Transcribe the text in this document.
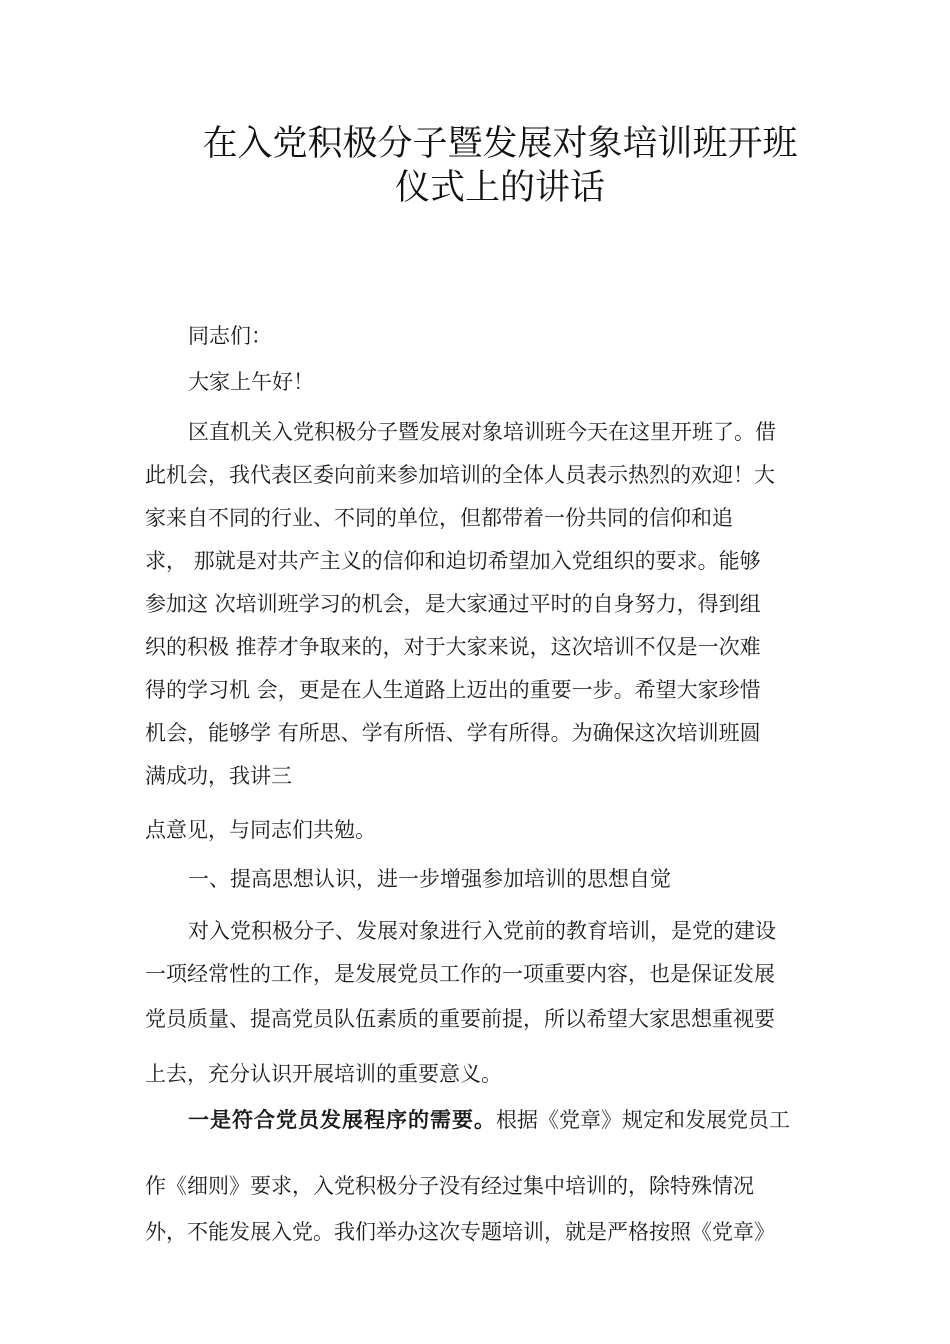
在入党积极分子暨发展对象培训班开班
仪式上的讲话
同志们：
大家上午好！
区直机关入党积极分子暨发展对象培训班今天在这里开班了。借
此机会，我代表区委向前来参加培训的全体人员表示热烈的欢迎！大
家来自不同的行业、不同的单位，但都带着一份共同的信仰和追
求， 那就是对共产主义的信仰和迫切希望加入党组织的要求。能够
参加这 次培训班学习的机会，是大家通过平时的自身努力，得到组
织的积极 推荐才争取来的，对于大家来说，这次培训不仅是一次难
得的学习机 会，更是在人生道路上迈出的重要一步。希望大家珍惜
机会，能够学 有所思、学有所悟、学有所得。为确保这次培训班圆
满成功，我讲三
点意见，与同志们共勉。
一、提高思想认识，进一步增强参加培训的思想自觉
对入党积极分子、发展对象进行入党前的教育培训，是党的建设
一项经常性的工作，是发展党员工作的一项重要内容，也是保证发展
党员质量、提高党员队伍素质的重要前提，所以希望大家思想重视要
上去，充分认识开展培训的重要意义。
一是符合党员发展程序的需要。根据《党章》规定和发展党员工
作《细则》要求，入党积极分子没有经过集中培训的，除特殊情况
外，不能发展入党。我们举办这次专题培训，就是严格按照《党章》
